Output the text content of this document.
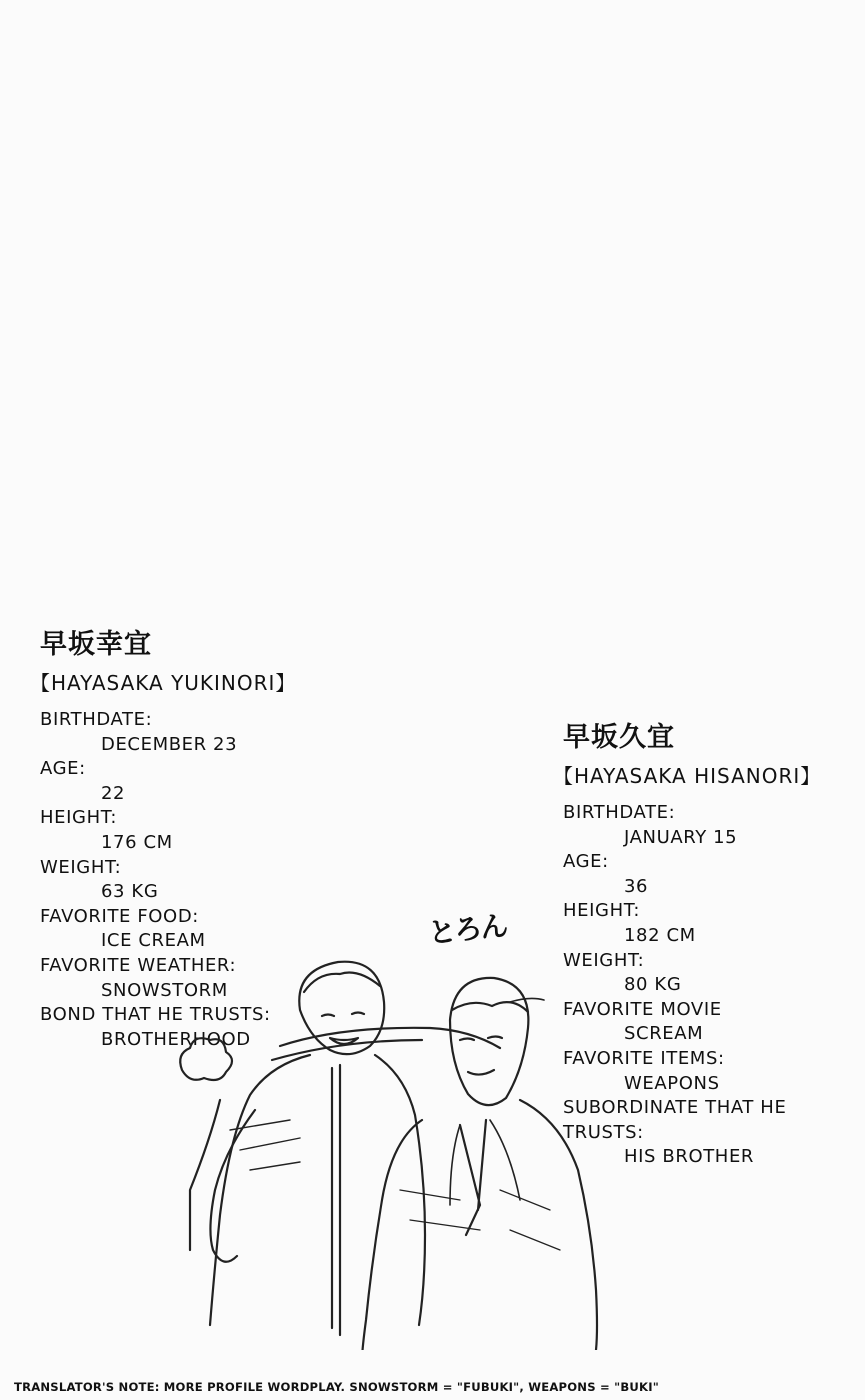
早坂幸宜
【HAYASAKA YUKINORI】
BIRTHDATE:
DECEMBER 23
AGE:
22
HEIGHT:
176 CM
WEIGHT:
63 KG
FAVORITE FOOD:
ICE CREAM
FAVORITE WEATHER:
SNOWSTORM
BOND THAT HE TRUSTS:
BROTHERHOOD
早坂久宜
【HAYASAKA HISANORI】
BIRTHDATE:
JANUARY 15
AGE:
36
HEIGHT:
182 CM
WEIGHT:
80 KG
FAVORITE MOVIE
SCREAM
FAVORITE ITEMS:
WEAPONS
SUBORDINATE THAT HE TRUSTS:
HIS BROTHER
とろん
TRANSLATOR'S NOTE: MORE PROFILE WORDPLAY. SNOWSTORM = "FUBUKI", WEAPONS = "BUKI"
